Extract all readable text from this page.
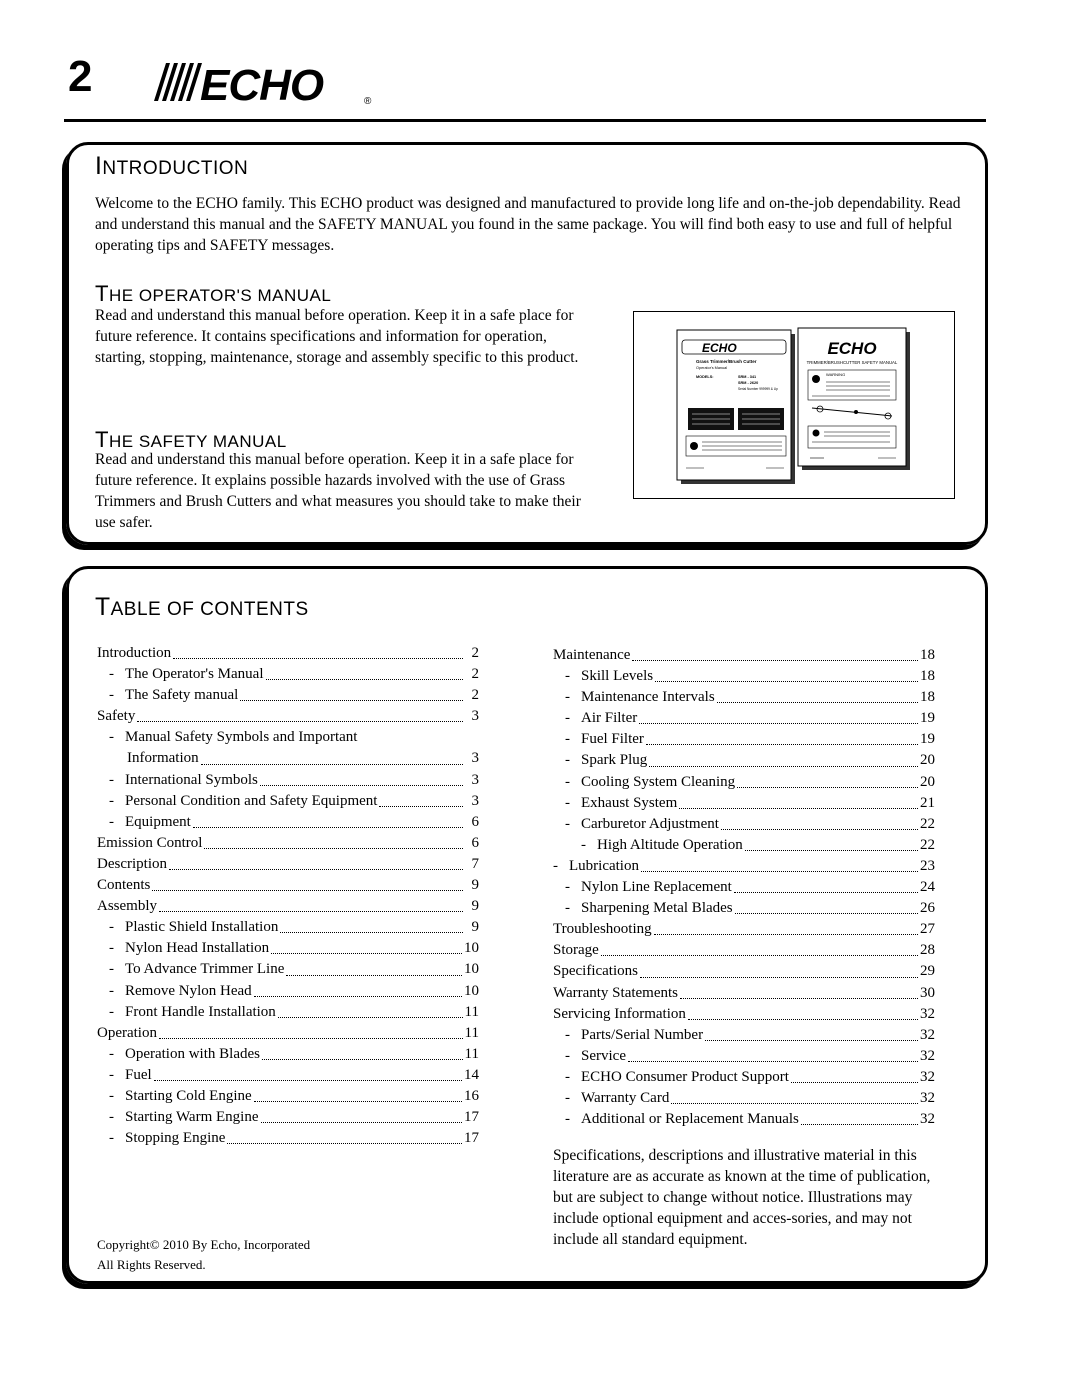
2 ECHO	®
INTRODUCTION

Welcome to the ECHO family. This ECHO product was designed and manufactured to provide long life and on-the-job dependability. Read and understand this manual and the SAFETY MANUAL you found in the same package. You will find both easy to use and full of helpful operating tips and SAFETY messages.

THE OPERATOR'S MANUAL

Read and understand this manual before operation. Keep it in a safe place for future reference. It contains specifications and information for operation, starting, stopping, maintenance, storage and assembly specific to this product.

THE SAFETY MANUAL

Read and understand this manual before operation. Keep it in a safe place for future reference. It explains possible hazards involved with the use of Grass Trimmers and Brush Cutters and what measures you should take to make their use safer.

ECHO
TRIMMER/BRUSHCUTTER SAFETY MANUAL
WARNING
ECHO
Grass Trimmer/Brush Cutter
Operator's Manual
MODELS:	SRM - 341
SRM - 2620
Serial Number 999999 & Up
TABLE OF CONTENTS
Introduction	2
- The Operator's Manual	2
- The Safety manual	2
Safety	3
- Manual Safety Symbols and Important
Information	3
- International Symbols	3
- Personal Condition and Safety Equipment	3
- Equipment	6
Emission Control	6
Description	7
Contents	9
Assembly	9
- Plastic Shield Installation	9
- Nylon Head Installation	10
- To Advance Trimmer Line	10
- Remove Nylon Head	10
- Front Handle Installation	11
Operation	11
- Operation with Blades	11
- Fuel	14
- Starting Cold Engine	16
- Starting Warm Engine	17
- Stopping Engine	17
Maintenance	18
- Skill Levels	18
- Maintenance Intervals	18
- Air Filter	19
- Fuel Filter	19
- Spark Plug	20
- Cooling System Cleaning	20
- Exhaust System	21
- Carburetor Adjustment	22
- High Altitude Operation	22
- Lubrication	23
- Nylon Line Replacement	24
- Sharpening Metal Blades	26
Troubleshooting	27
Storage	28
Specifications	29
Warranty Statements	30
Servicing Information	32
- Parts/Serial Number	32
- Service	32
- ECHO Consumer Product Support	32
- Warranty Card	32
- Additional or Replacement Manuals	32

Specifications, descriptions and illustrative material in this literature are as accurate as known at the time of publication, but are subject to change without notice. Illustrations may include optional equipment and acces-sories, and may not include all standard equipment.

Copyright© 2010 By Echo, Incorporated
All Rights Reserved.
